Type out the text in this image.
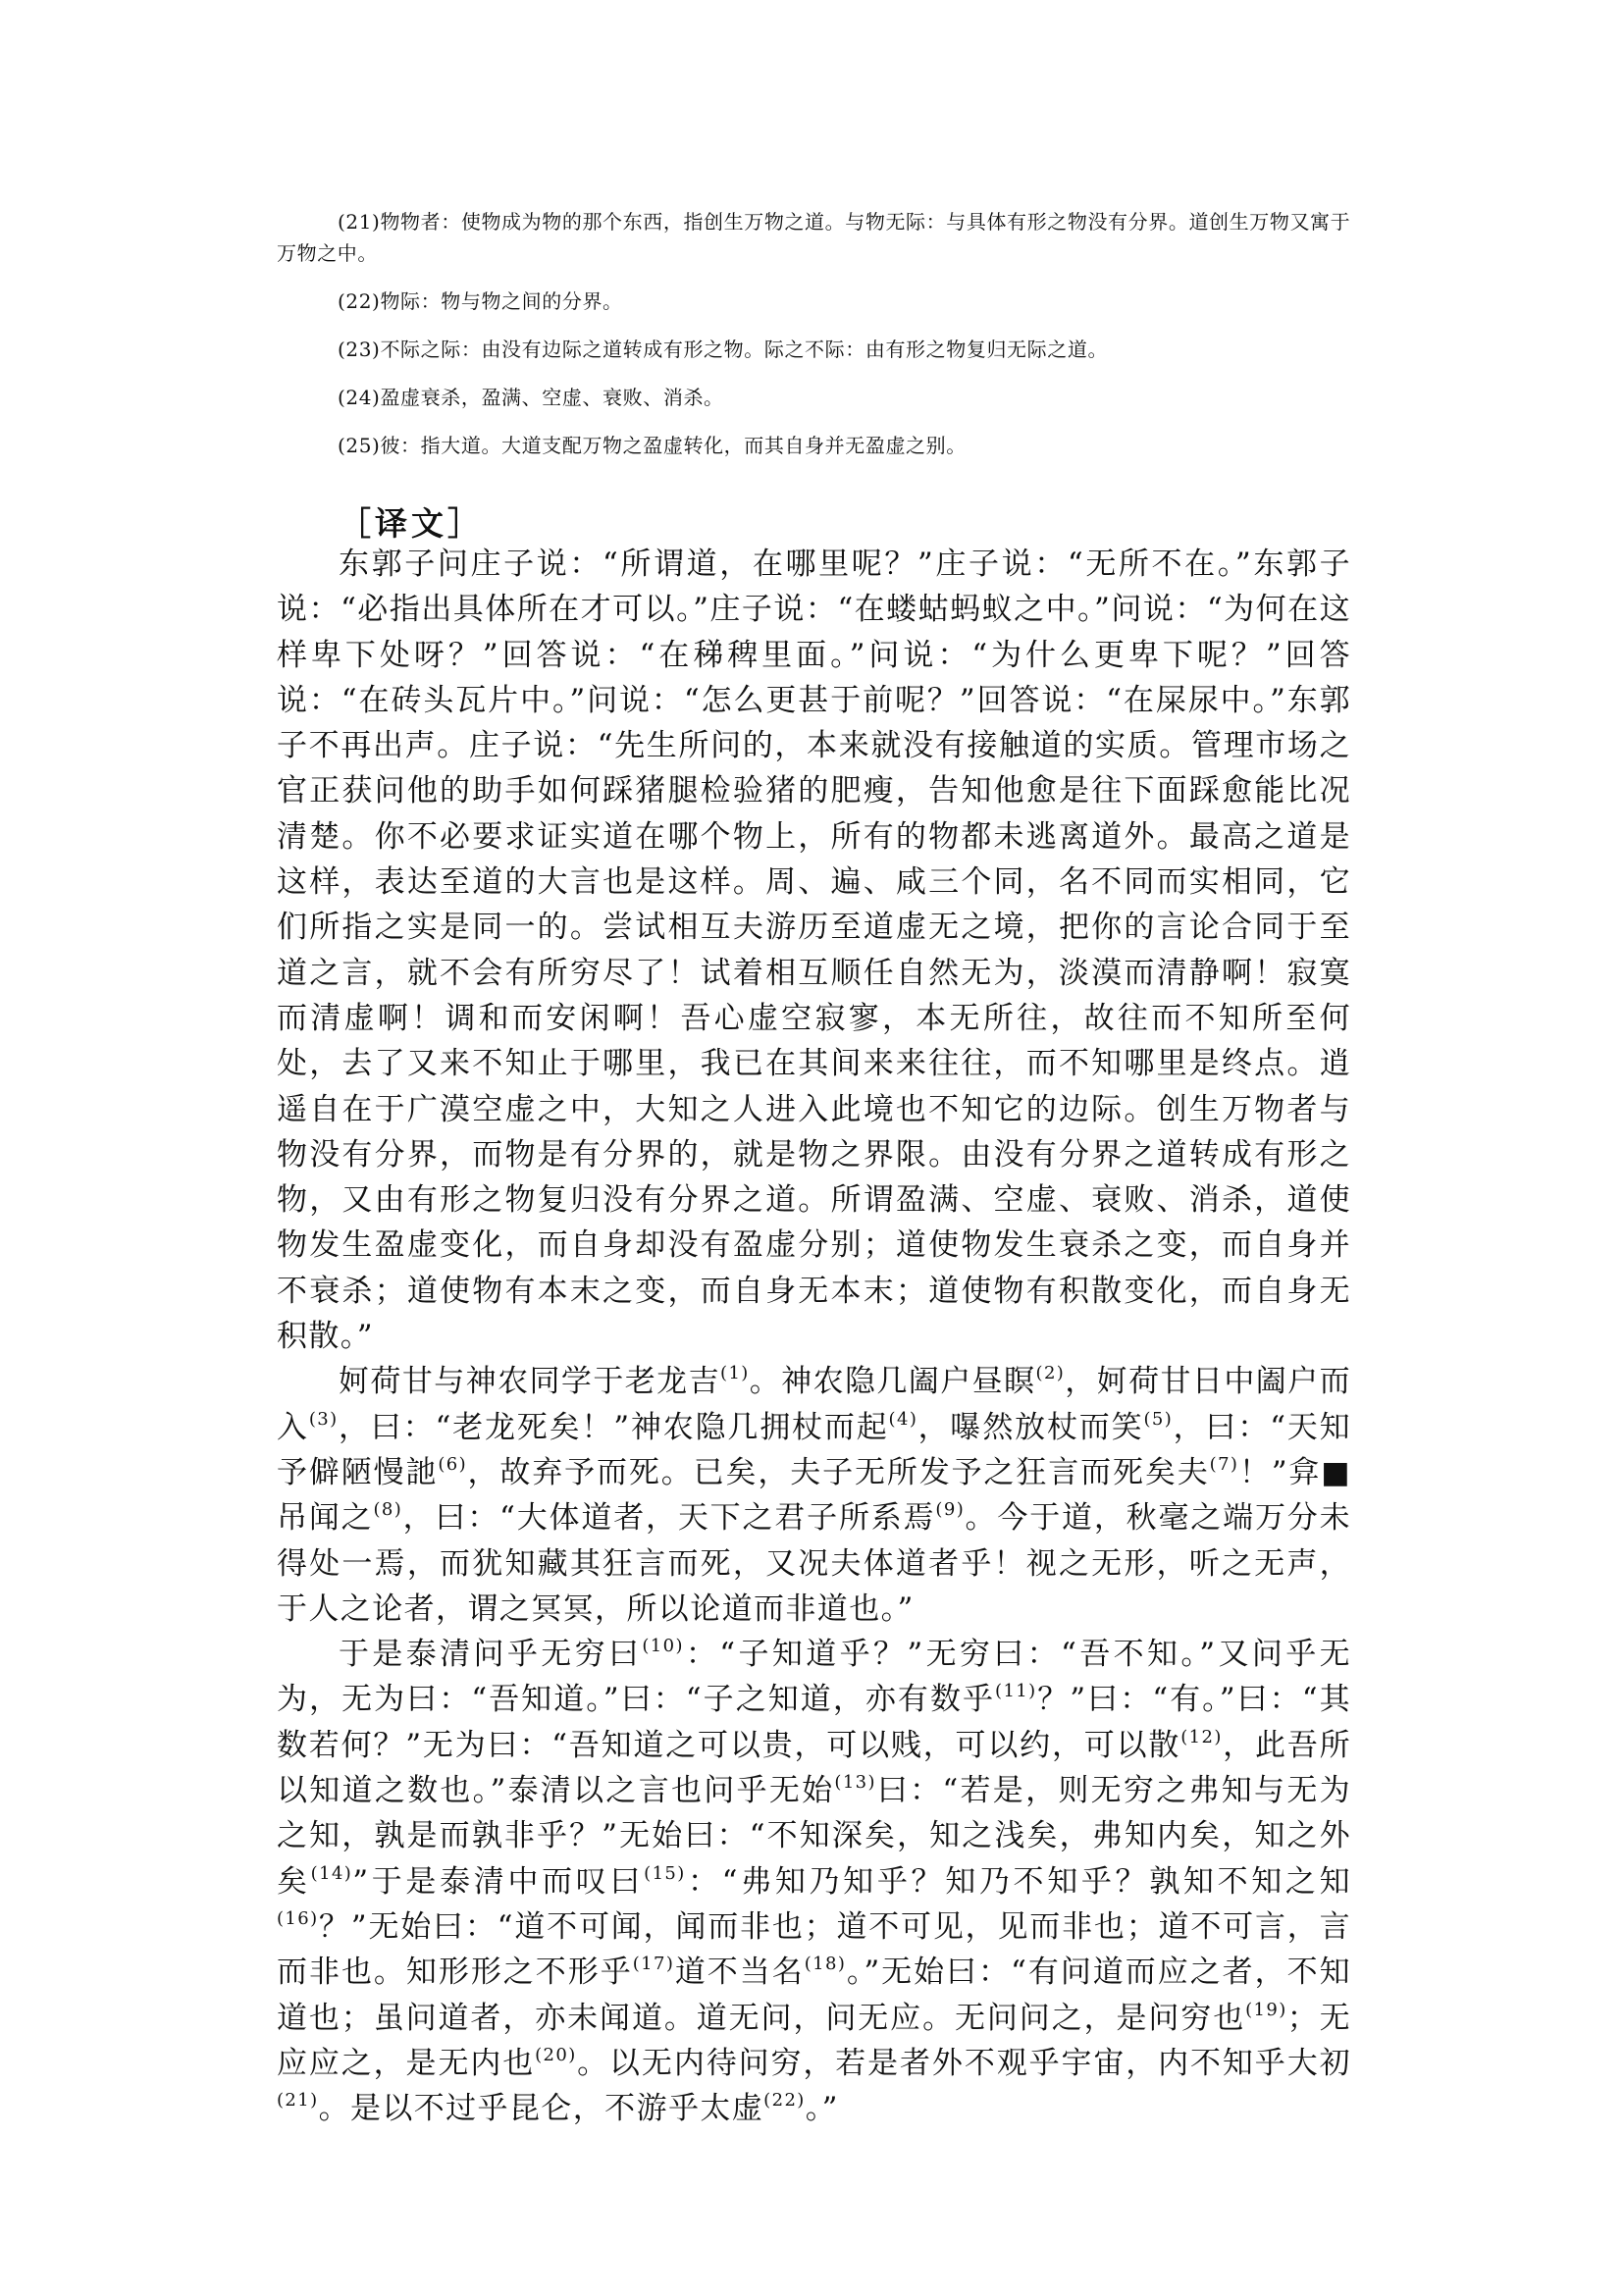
(21)物物者：使物成为物的那个东西，指创生万物之道。与物无际：与具体有形之物没有分界。道创生万物又寓于万物之中。

(22)物际：物与物之间的分界。

(23)不际之际：由没有边际之道转成有形之物。际之不际：由有形之物复归无际之道。

(24)盈虚衰杀，盈满、空虚、衰败、消杀。

(25)彼：指大道。大道支配万物之盈虚转化，而其自身并无盈虚之别。

［译文］

东郭子问庄子说：“所谓道，在哪里呢？”庄子说：“无所不在。”东郭子说：“必指出具体所在才可以。”庄子说：“在蝼蛄蚂蚁之中。”问说：“为何在这样卑下处呀？”回答说：“在稊稗里面。”问说：“为什么更卑下呢？”回答说：“在砖头瓦片中。”问说：“怎么更甚于前呢？”回答说：“在屎尿中。”东郭子不再出声。庄子说：“先生所问的，本来就没有接触道的实质。管理市场之官正获问他的助手如何踩猪腿检验猪的肥瘦，告知他愈是往下面踩愈能比况清楚。你不必要求证实道在哪个物上，所有的物都未逃离道外。最高之道是这样，表达至道的大言也是这样。周、遍、咸三个同，名不同而实相同，它们所指之实是同一的。尝试相互夫游历至道虚无之境，把你的言论合同于至道之言，就不会有所穷尽了！试着相互顺任自然无为，淡漠而清静啊！寂寞而清虚啊！调和而安闲啊！吾心虚空寂寥，本无所往，故往而不知所至何处，去了又来不知止于哪里，我已在其间来来往往，而不知哪里是终点。逍遥自在于广漠空虚之中，大知之人进入此境也不知它的边际。创生万物者与物没有分界，而物是有分界的，就是物之界限。由没有分界之道转成有形之物，又由有形之物复归没有分界之道。所谓盈满、空虚、衰败、消杀，道使物发生盈虚变化，而自身却没有盈虚分别；道使物发生衰杀之变，而自身并不衰杀；道使物有本末之变，而自身无本末；道使物有积散变化，而自身无积散。”

妸荷甘与神农同学于老龙吉$^{(1)}$。神农隐几阖户昼瞑$^{(2)}$，妸荷甘日中阖户而入$^{(3)}$，曰：“老龙死矣！”神农隐几拥杖而起$^{(4)}$，嚗然放杖而笑$^{(5)}$，曰：“天知予僻陋慢訑$^{(6)}$，故弃予而死。已矣，夫子无所发予之狂言而死矣夫$^{(7)}$！”弇■吊闻之$^{(8)}$，曰：“大体道者，天下之君子所系焉$^{(9)}$。今于道，秋毫之端万分未得处一焉，而犹知藏其狂言而死，又况夫体道者乎！视之无形，听之无声，于人之论者，谓之冥冥，所以论道而非道也。”

于是泰清问乎无穷曰$^{(10)}$：“子知道乎？”无穷曰：“吾不知。”又问乎无为，无为曰：“吾知道。”曰：“子之知道，亦有数乎$^{(11)}$？”曰：“有。”曰：“其数若何？”无为曰：“吾知道之可以贵，可以贱，可以约，可以散$^{(12)}$，此吾所以知道之数也。”泰清以之言也问乎无始$^{(13)}$曰：“若是，则无穷之弗知与无为之知，孰是而孰非乎？”无始曰：“不知深矣，知之浅矣，弗知内矣，知之外矣$^{(14)}$”于是泰清中而叹曰$^{(15)}$：“弗知乃知乎？知乃不知乎？孰知不知之知$^{(16)}$？”无始曰：“道不可闻，闻而非也；道不可见，见而非也；道不可言，言而非也。知形形之不形乎$^{(17)}$道不当名$^{(18)}$。”无始曰：“有问道而应之者，不知道也；虽问道者，亦未闻道。道无问，问无应。无问问之，是问穷也$^{(19)}$；无应应之，是无内也$^{(20)}$。以无内待问穷，若是者外不观乎宇宙，内不知乎大初$^{(21)}$。是以不过乎昆仑，不游乎太虚$^{(22)}$。”
